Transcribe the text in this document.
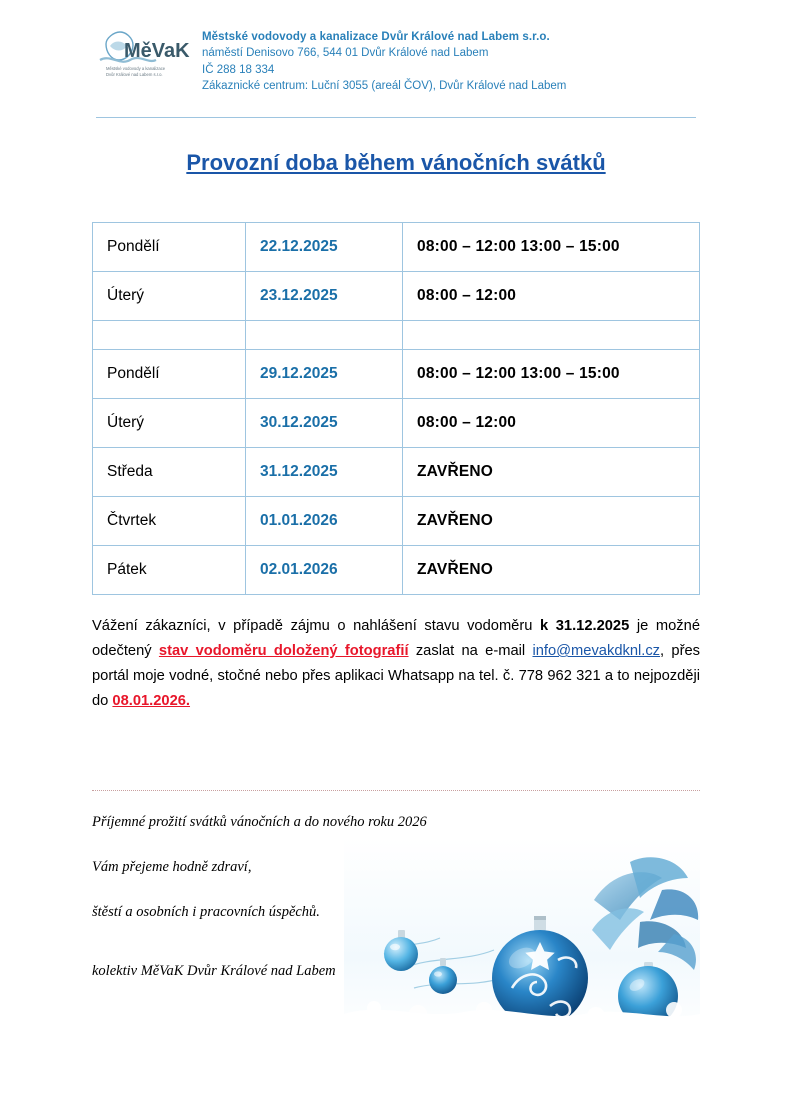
MěVaK
Městské vodovody a kanalizace
Dvůr Králové nad Labem s.r.o.
Městské vodovody a kanalizace Dvůr Králové nad Labem s.r.o.
náměstí Denisovo 766, 544 01 Dvůr Králové nad Labem
IČ 288 18 334
Zákaznické centrum: Luční 3055 (areál ČOV), Dvůr Králové nad Labem
Provozní doba během vánočních svátků
Pondělí	22.12.2025	08:00 – 12:00 13:00 – 15:00
Úterý	23.12.2025	08:00 – 12:00

Pondělí	29.12.2025	08:00 – 12:00 13:00 – 15:00
Úterý	30.12.2025	08:00 – 12:00
Středa	31.12.2025	ZAVŘENO
Čtvrtek	01.01.2026	ZAVŘENO
Pátek	02.01.2026	ZAVŘENO
Vážení zákazníci, v případě zájmu o nahlášení stavu vodoměru k 31.12.2025 je možné odečtený stav vodoměru doložený fotografií zaslat na e-mail info@mevakdknl.cz, přes portál moje vodné, stočné nebo přes aplikaci Whatsapp na tel. č. 778 962 321 a to nejpozději do 08.01.2026.

Příjemné prožití svátků vánočních a do nového roku 2026

Vám přejeme hodně zdraví,

štěstí a osobních i pracovních úspěchů.

kolektiv MěVaK Dvůr Králové nad Labem
